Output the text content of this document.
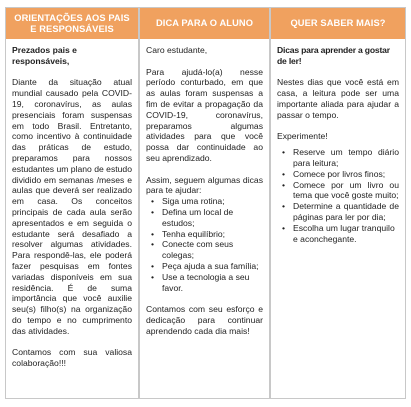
ORIENTAÇÕES AOS PAIS E RESPONSÁVEIS

Prezados pais e responsáveis,

Diante da situação atual mundial causado pela COVID-19, coronavírus, as aulas presenciais foram suspensas em todo Brasil. Entretanto, como incentivo à continuidade das práticas de estudo, preparamos para nossos estudantes um plano de estudo dividido em semanas /meses e aulas que deverá ser realizado em casa. Os conceitos principais de cada aula serão apresentados e em seguida o estudante será desafiado a resolver algumas atividades. Para respondê-las, ele poderá fazer pesquisas em fontes variadas disponíveis em sua residência. É de suma importância que você auxilie seu(s) filho(s) na organização do tempo e no cumprimento das atividades.

Contamos com sua valiosa colaboração!!!

DICA PARA O ALUNO

Caro estudante,

Para ajudá-lo(a) nesse período conturbado, em que as aulas foram suspensas a fim de evitar a propagação da COVID-19, coronavírus, preparamos algumas atividades para que você possa dar continuidade ao seu aprendizado.

Assim, seguem algumas dicas para te ajudar:

• Siga uma rotina;
• Defina um local de estudos;
• Tenha equilíbrio;
• Conecte com seus colegas;
• Peça ajuda a sua família;
• Use a tecnologia a seu favor.

Contamos com seu esforço e dedicação para continuar aprendendo cada dia mais!

QUER SABER MAIS?

Dicas para aprender a gostar de ler!

Nestes dias que você está em casa, a leitura pode ser uma importante aliada para ajudar a passar o tempo.

Experimente!

• Reserve um tempo diário para leitura;
• Comece por livros finos;
• Comece por um livro ou tema que você goste muito;
• Determine a quantidade de páginas para ler por dia;
• Escolha um lugar tranquilo e aconchegante.
